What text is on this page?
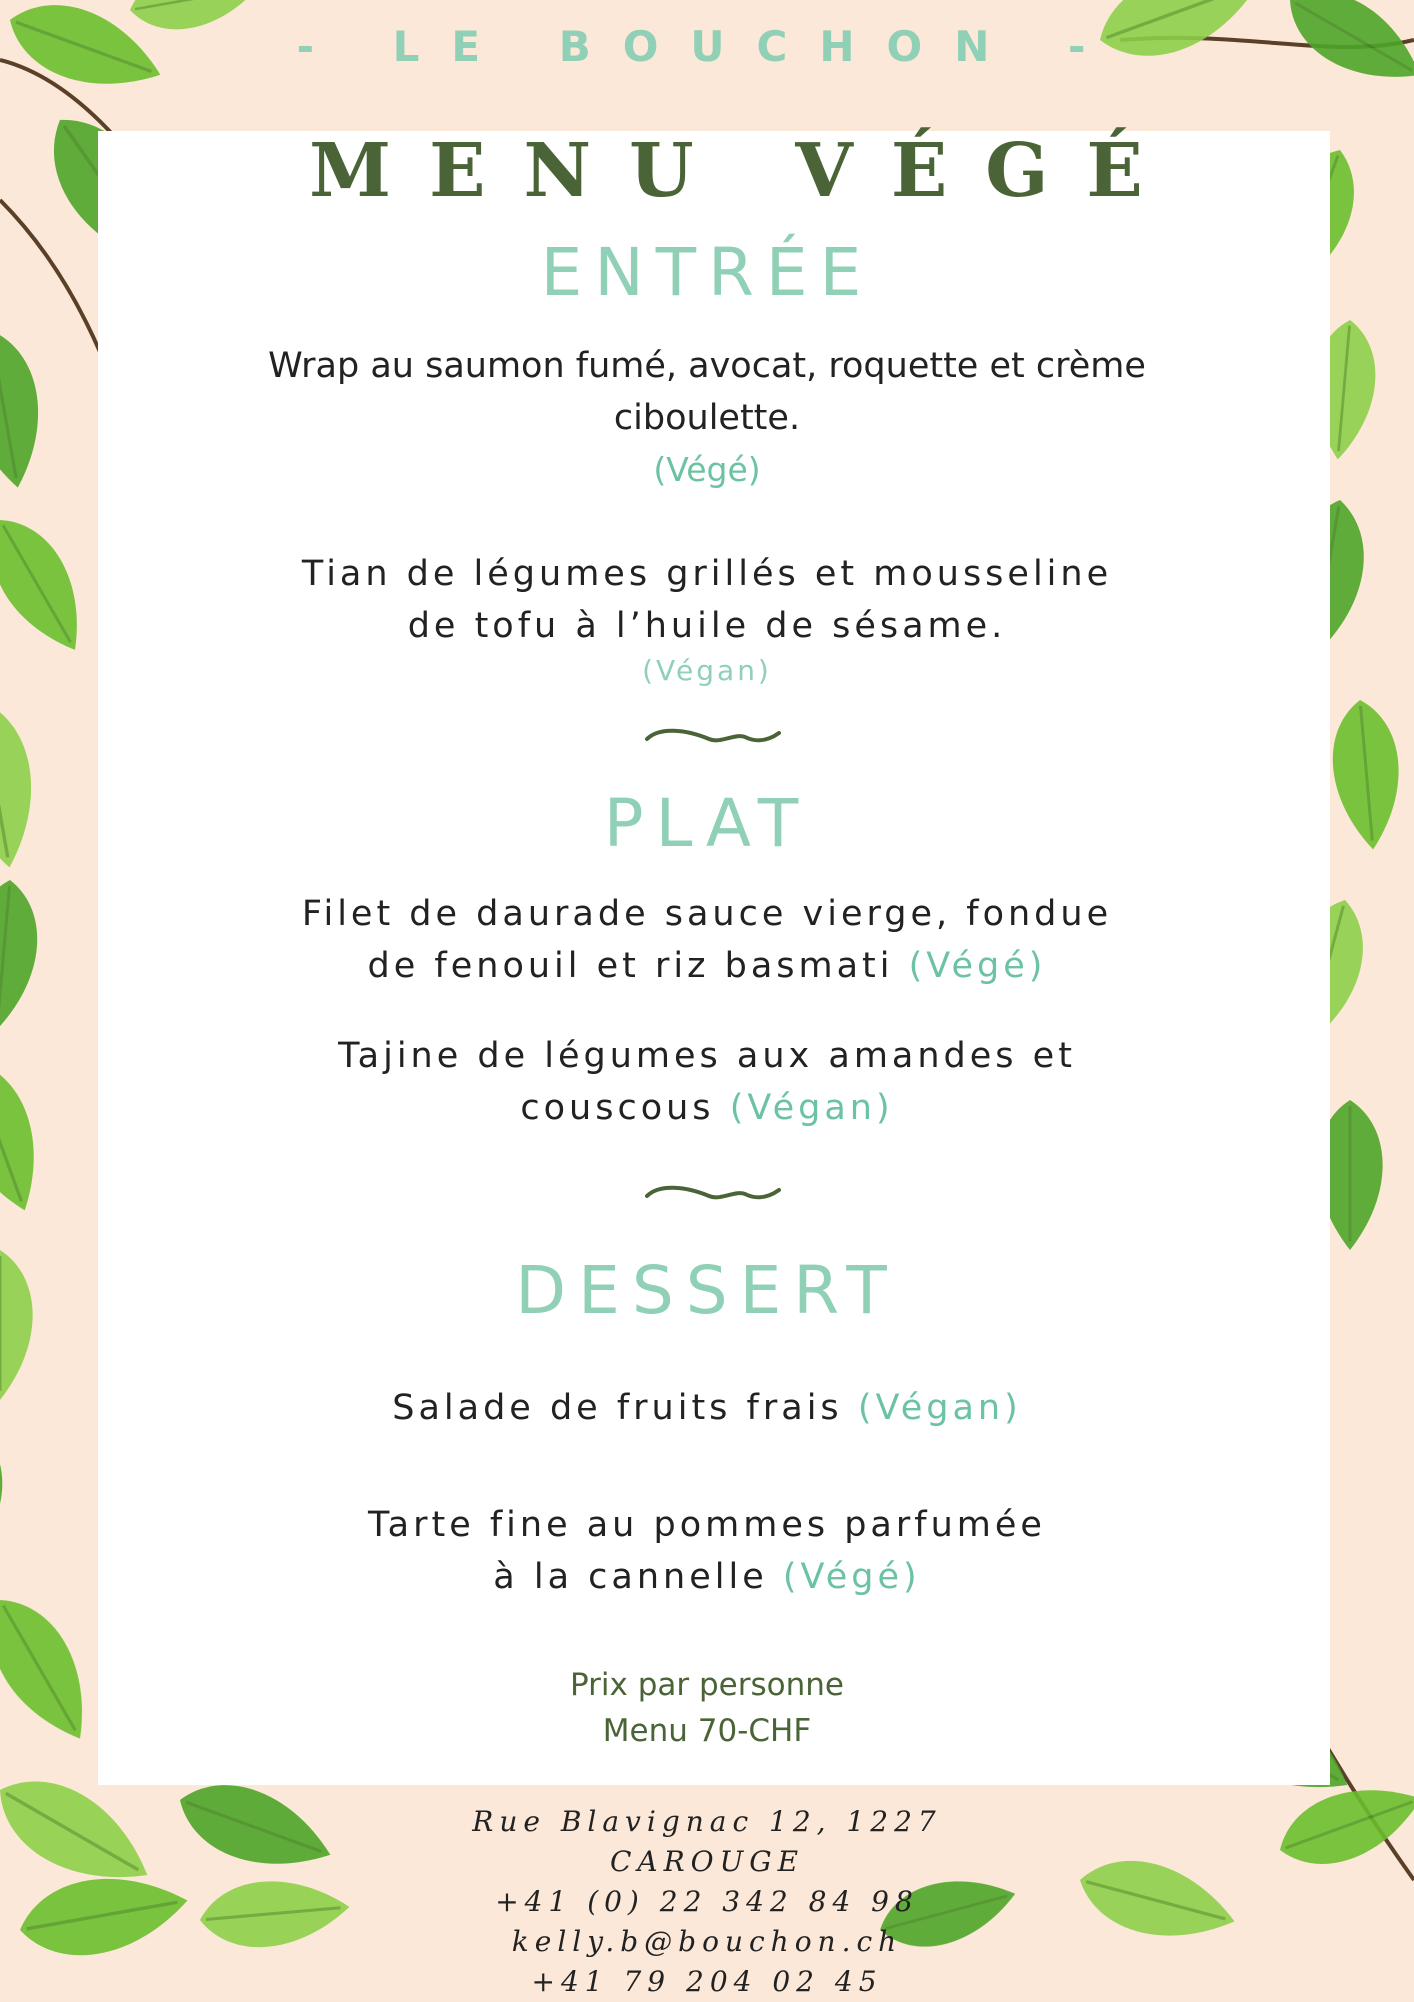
- LE BOUCHON -
MENU VÉGÉ
ENTRÉE
Wrap au saumon fumé, avocat, roquette et crème
ciboulette.
(Végé)
Tian de légumes grillés et mousseline
de tofu à l’huile de sésame.
(Végan)
PLAT
Filet de daurade sauce vierge, fondue
de fenouil et riz basmati (Végé)
Tajine de légumes aux amandes et
couscous (Végan)
DESSERT
Salade de fruits frais (Végan)
Tarte fine au pommes parfumée
à la cannelle (Végé)
Prix par personne
Menu 70-CHF
Rue Blavignac 12, 1227
CAROUGE
+41 (0) 22 342 84 98
kelly.b@bouchon.ch
+41 79 204 02 45
